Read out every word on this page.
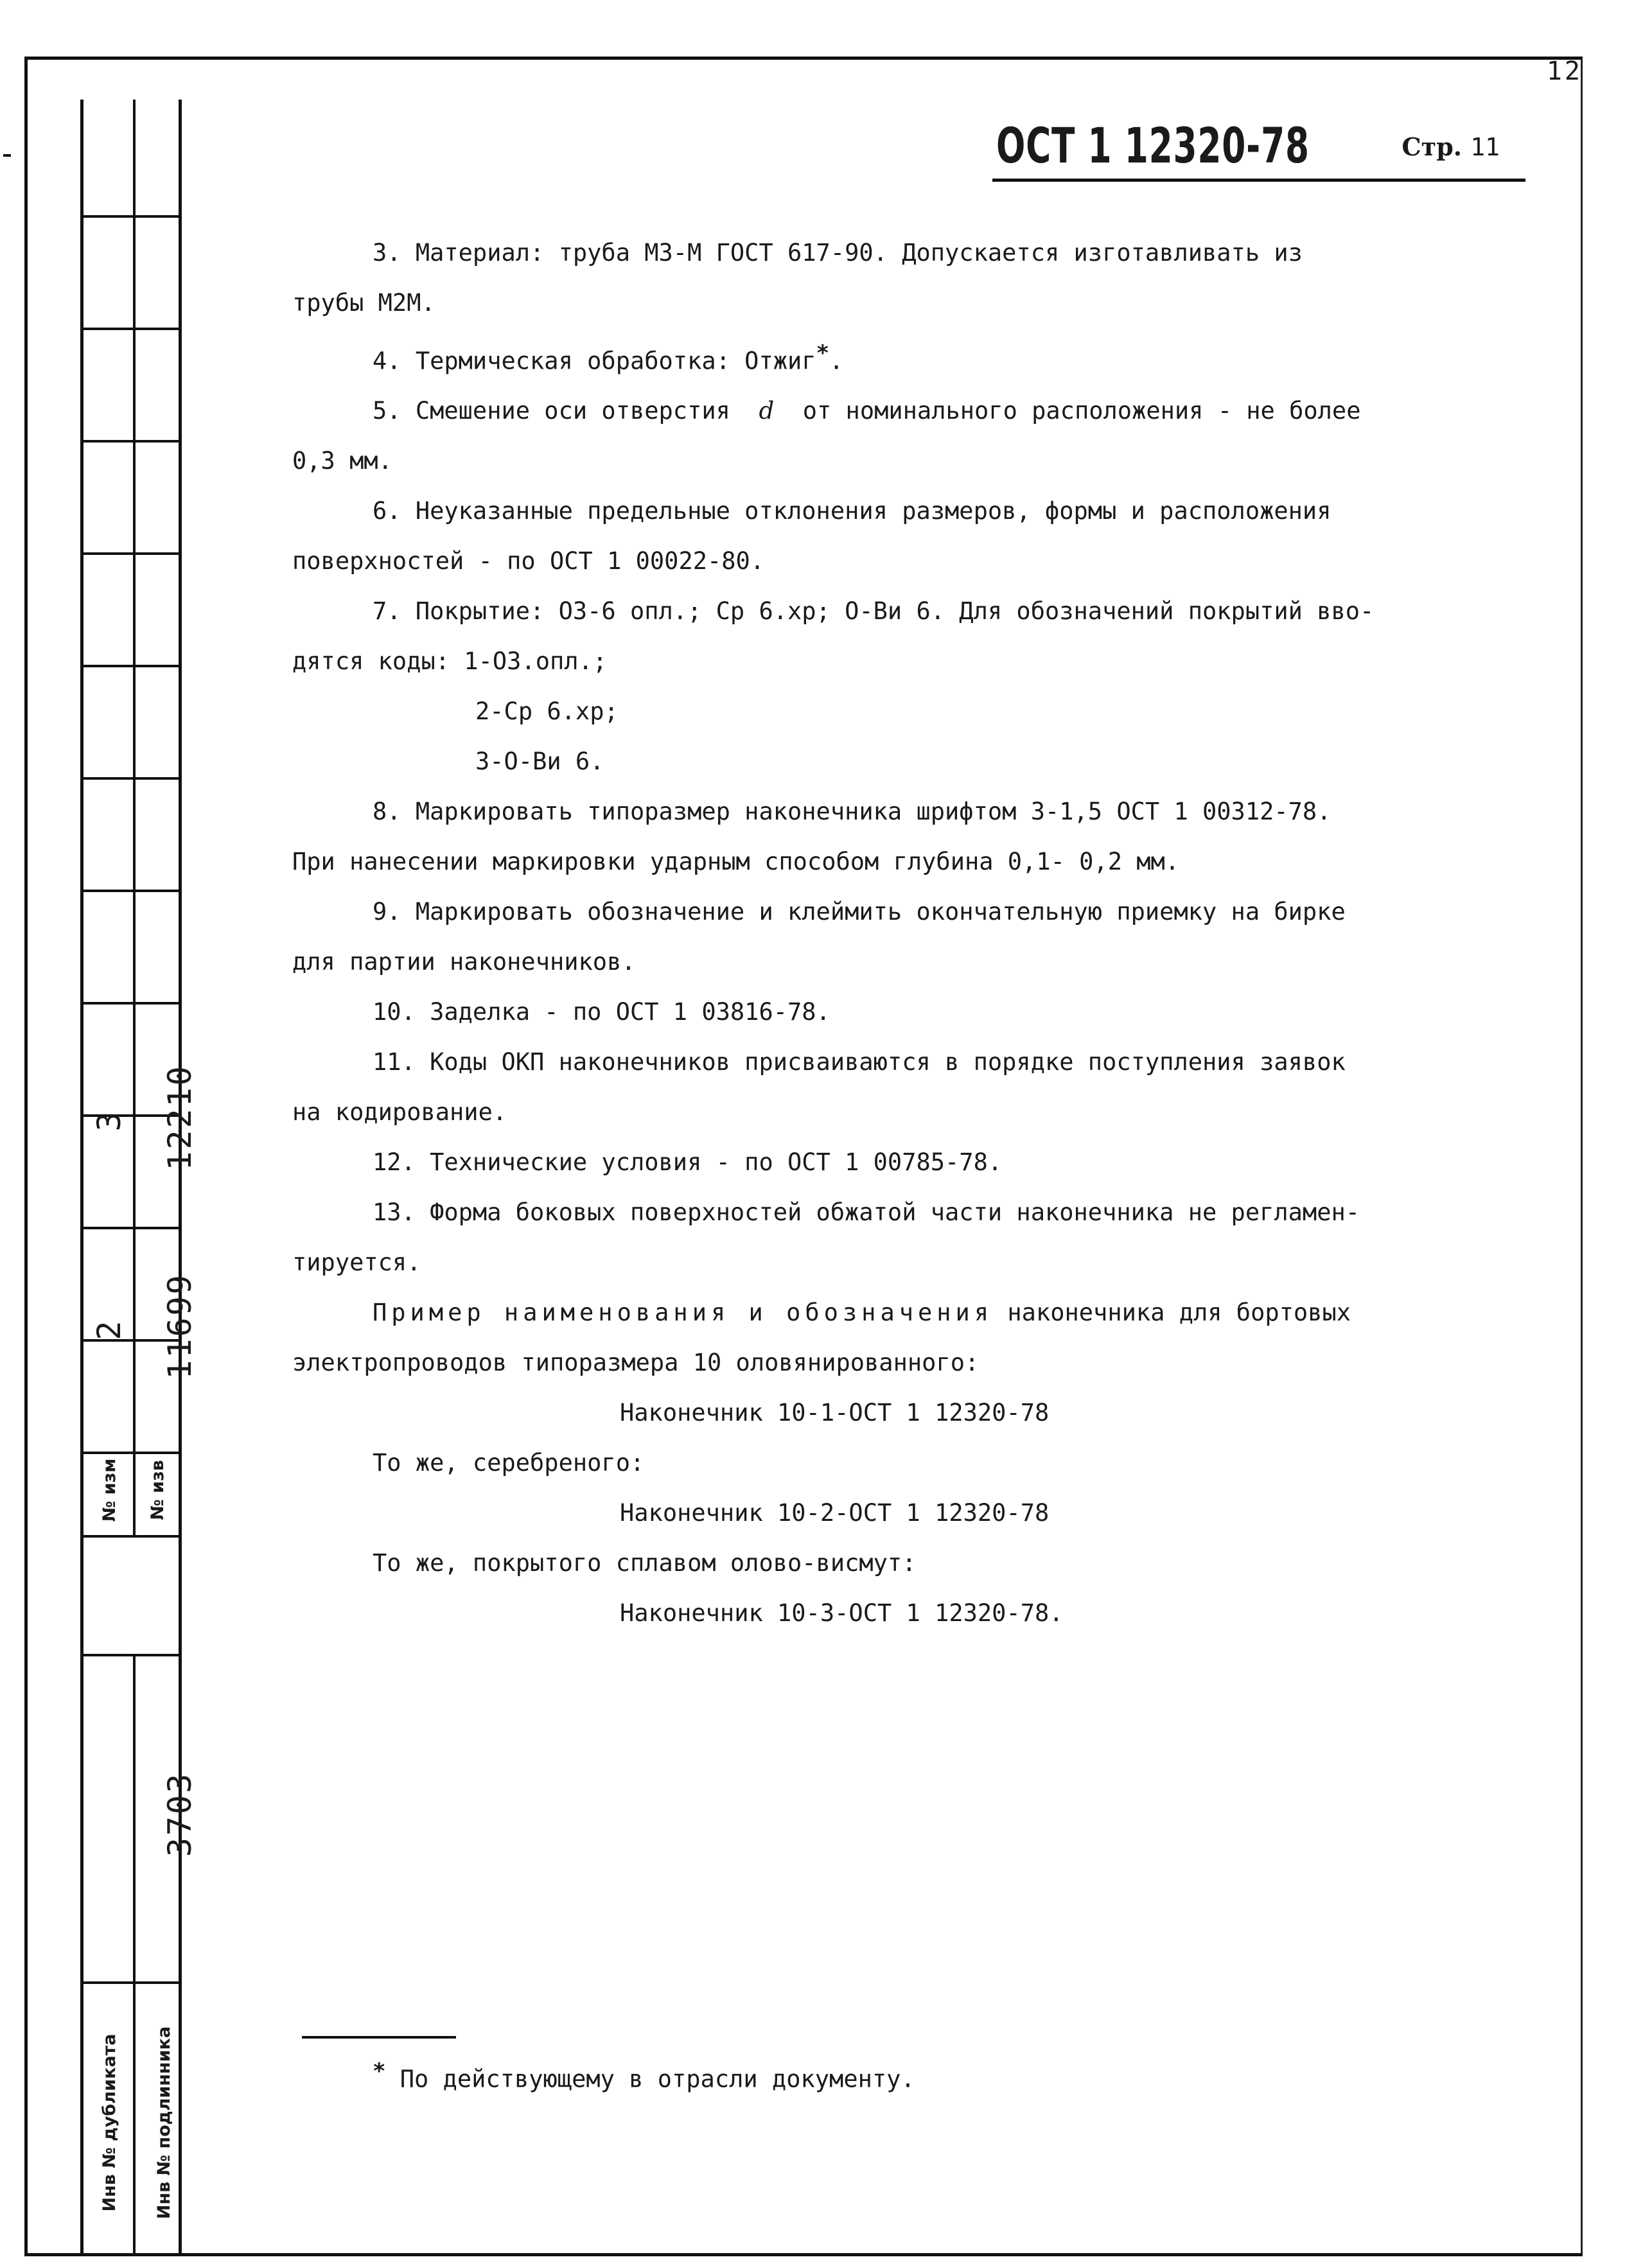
12
3 12210
2 11699
№ изм	№ изв
3703
Инв № дубликата	Инв № подлинника
ОСТ 1 12320-78	Стр. 11

3. Материал: труба М3-М ГОСТ 617-90. Допускается изготавливать из

трубы М2М.

4. Термическая обработка: Отжиг*.

5. Смешение оси отверстия d от номинального расположения - не более

0,3 мм.

6. Неуказанные предельные отклонения размеров, формы и расположения

поверхностей - по ОСТ 1 00022-80.

7. Покрытие: О3-6 опл.; Ср 6.хр; О-Ви 6. Для обозначений покрытий вво-

дятся коды: 1-О3.опл.;

2-Ср 6.хр;

3-О-Ви 6.

8. Маркировать типоразмер наконечника шрифтом 3-1,5 ОСТ 1 00312-78.

При нанесении маркировки ударным способом глубина 0,1- 0,2 мм.

9. Маркировать обозначение и клеймить окончательную приемку на бирке

для партии наконечников.

10. Заделка - по ОСТ 1 03816-78.

11. Коды ОКП наконечников присваиваются в порядке поступления заявок

на кодирование.

12. Технические условия - по ОСТ 1 00785-78.

13. Форма боковых поверхностей обжатой части наконечника не регламен-

тируется.

Пример наименования и обозначения наконечника для бортовых

электропроводов типоразмера 10 оловянированного:

Наконечник 10-1-ОСТ 1 12320-78

То же, серебреного:

Наконечник 10-2-ОСТ 1 12320-78

То же, покрытого сплавом олово-висмут:

Наконечник 10-3-ОСТ 1 12320-78.

* По действующему в отрасли документу.
